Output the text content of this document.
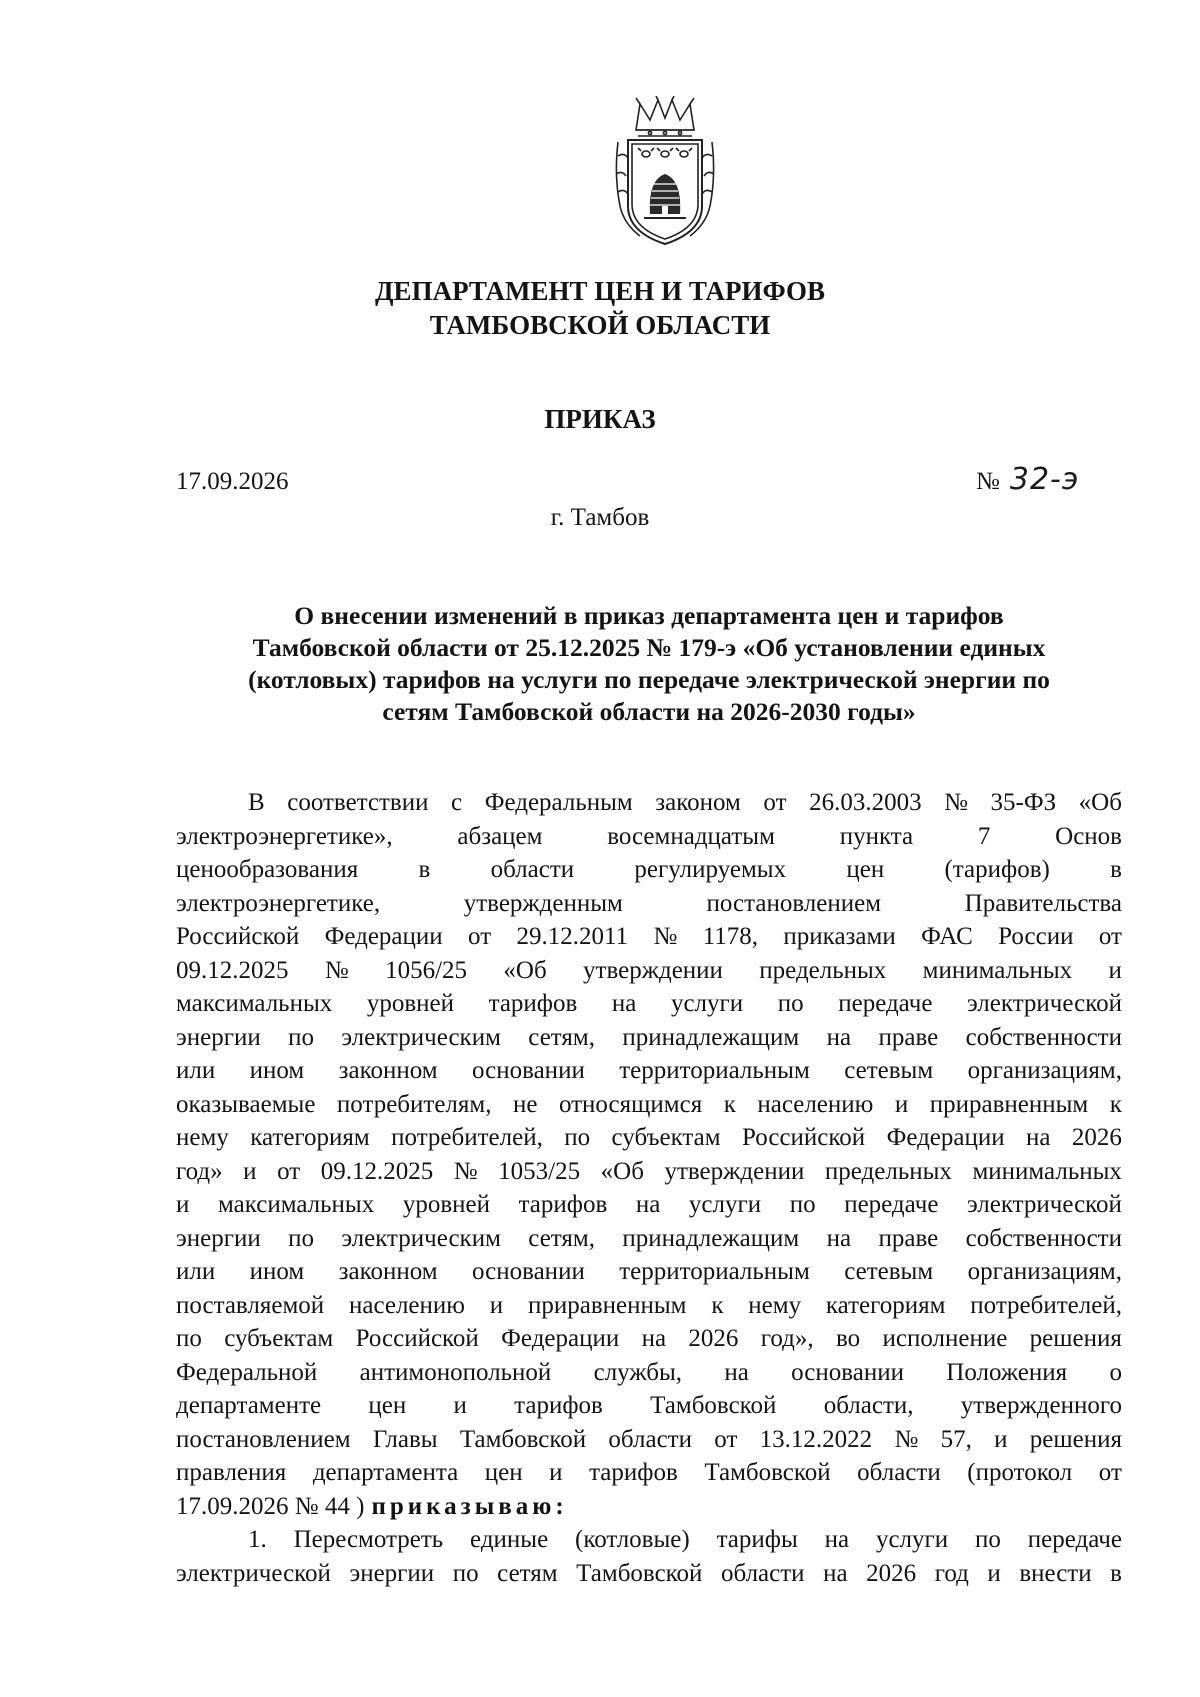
ДЕПАРТАМЕНТ ЦЕН И ТАРИФОВ
ТАМБОВСКОЙ ОБЛАСТИ
ПРИКАЗ
17.09.2026	№ 32-э
г. Тамбов
О внесении изменений в приказ департамента цен и тарифов
Тамбовской области от 25.12.2025 № 179-э «Об установлении единых
(котловых) тарифов на услуги по передаче электрической энергии по
сетям Тамбовской области на 2026-2030 годы»
В соответствии с Федеральным законом от 26.03.2003 № 35-ФЗ «Об
электроэнергетике»,	абзацем	восемнадцатым	пункта	7	Основ
ценообразования в области регулируемых цен (тарифов) в
электроэнергетике,	утвержденным	постановлением	Правительства
Российской Федерации от 29.12.2011 № 1178, приказами ФАС России от
09.12.2025 № 1056/25 «Об утверждении предельных минимальных и
максимальных уровней тарифов на услуги по передаче электрической
энергии по электрическим сетям, принадлежащим на праве собственности
или ином законном основании территориальным сетевым организациям,
оказываемые потребителям, не относящимся к населению и приравненным к
нему категориям потребителей, по субъектам Российской Федерации на 2026
год» и от 09.12.2025 № 1053/25 «Об утверждении предельных минимальных
и максимальных уровней тарифов на услуги по передаче электрической
энергии по электрическим сетям, принадлежащим на праве собственности
или ином законном основании территориальным сетевым организациям,
поставляемой населению и приравненным к нему категориям потребителей,
по субъектам Российской Федерации на 2026 год», во исполнение решения
Федеральной антимонопольной службы, на основании Положения о
департаменте цен и тарифов Тамбовской области, утвержденного
постановлением Главы Тамбовской области от 13.12.2022 № 57, и решения
правления департамента цен и тарифов Тамбовской области (протокол от
17.09.2026 № 44 ) приказываю:
1. Пересмотреть единые (котловые) тарифы на услуги по передаче
электрической энергии по сетям Тамбовской области на 2026 год и внести в
